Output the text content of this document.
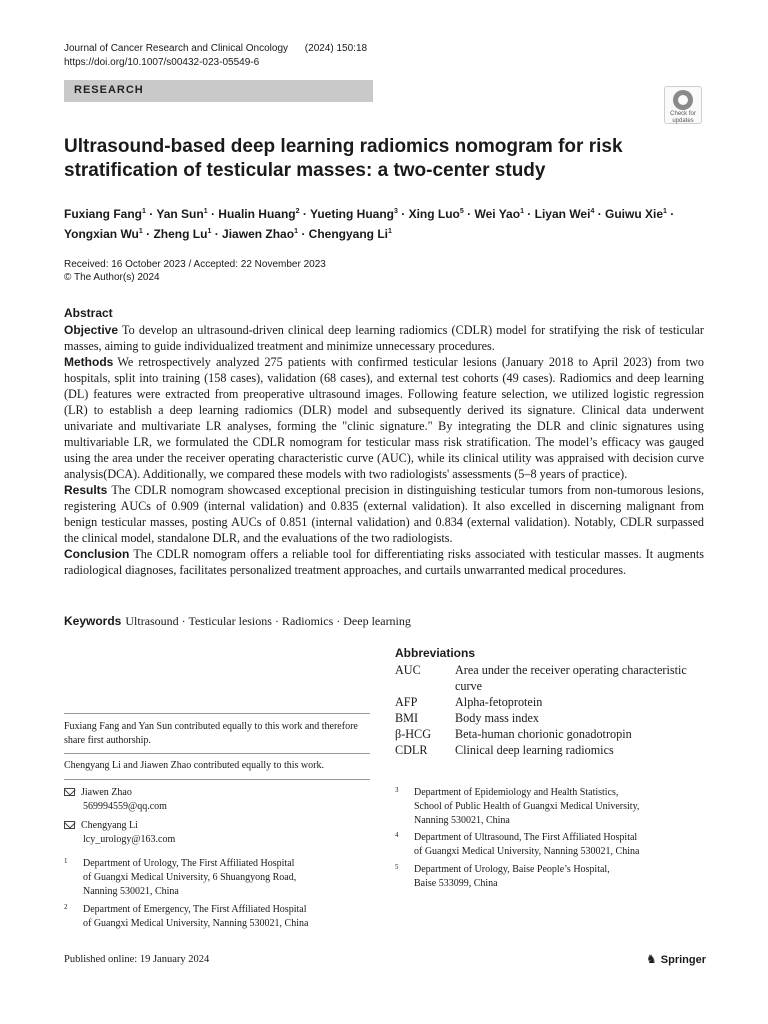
Journal of Cancer Research and Clinical Oncology (2024) 150:18
https://doi.org/10.1007/s00432-023-05549-6
RESEARCH
Check for
updates
Ultrasound-based deep learning radiomics nomogram for risk stratification of testicular masses: a two-center study
Fuxiang Fang$^1$ · Yan Sun$^1$ · Hualin Huang$^2$ · Yueting Huang$^3$ · Xing Luo$^5$ · Wei Yao$^1$ · Liyan Wei$^4$ · Guiwu Xie$^1$ ·
Yongxian $Wu^1$ · Zheng $Lu^1$ · Jiawen Zhao$^1$ · Chengyang Li$^1$
Received: 16 October 2023 / Accepted: 22 November 2023
© The Author(s) 2024
Abstract

Objective To develop an ultrasound-driven clinical deep learning radiomics (CDLR) model for stratifying the risk of testicular masses, aiming to guide individualized treatment and minimize unnecessary procedures.

Methods We retrospectively analyzed 275 patients with confirmed testicular lesions (January 2018 to April 2023) from two hospitals, split into training (158 cases), validation (68 cases), and external test cohorts (49 cases). Radiomics and deep learning (DL) features were extracted from preoperative ultrasound images. Following feature selection, we utilized logistic regression (LR) to establish a deep learning radiomics (DLR) model and subsequently derived its signature. Clinical data underwent univariate and multivariate LR analyses, forming the "clinic signature." By integrating the DLR and clinic signatures using multivariable LR, we formulated the CDLR nomogram for testicular mass risk stratification. The model’s efficacy was gauged using the area under the receiver operating characteristic curve (AUC), while its clinical utility was appraised with decision curve analysis(DCA). Additionally, we compared these models with two radiologists' assessments (5–8 years of practice).

Results The CDLR nomogram showcased exceptional precision in distinguishing testicular tumors from non-tumorous lesions, registering AUCs of 0.909 (internal validation) and 0.835 (external validation). It also excelled in discerning malignant from benign testicular masses, posting AUCs of 0.851 (internal validation) and 0.834 (external validation). Notably, CDLR surpassed the clinical model, standalone DLR, and the evaluations of the two radiologists.

Conclusion The CDLR nomogram offers a reliable tool for differentiating risks associated with testicular masses. It augments radiological diagnoses, facilitates personalized treatment approaches, and curtails unwarranted medical procedures.

Keywords Ultrasound · Testicular lesions · Radiomics · Deep learning
Abbreviations
AUC	Area under the receiver operating characteristic curve
AFP	Alpha-fetoprotein
BMI	Body mass index
β-HCG	Beta-human chorionic gonadotropin
CDLR	Clinical deep learning radiomics
Fuxiang Fang and Yan Sun contributed equally to this work and therefore share first authorship.
Chengyang Li and Jiawen Zhao contributed equally to this work.
Jiawen Zhao
569994559@qq.com
Chengyang Li
lcy_urology@163.com
1 Department of Urology, The First Affiliated Hospital
of Guangxi Medical University, 6 Shuangyong Road,
Nanning 530021, China
2 Department of Emergency, The First Affiliated Hospital
of Guangxi Medical University, Nanning 530021, China
3 Department of Epidemiology and Health Statistics,
School of Public Health of Guangxi Medical University,
Nanning 530021, China
4 Department of Ultrasound, The First Affiliated Hospital
of Guangxi Medical University, Nanning 530021, China
5 Department of Urology, Baise People’s Hospital,
Baise 533099, China
Published online: 19 January 2024	♞ Springer
